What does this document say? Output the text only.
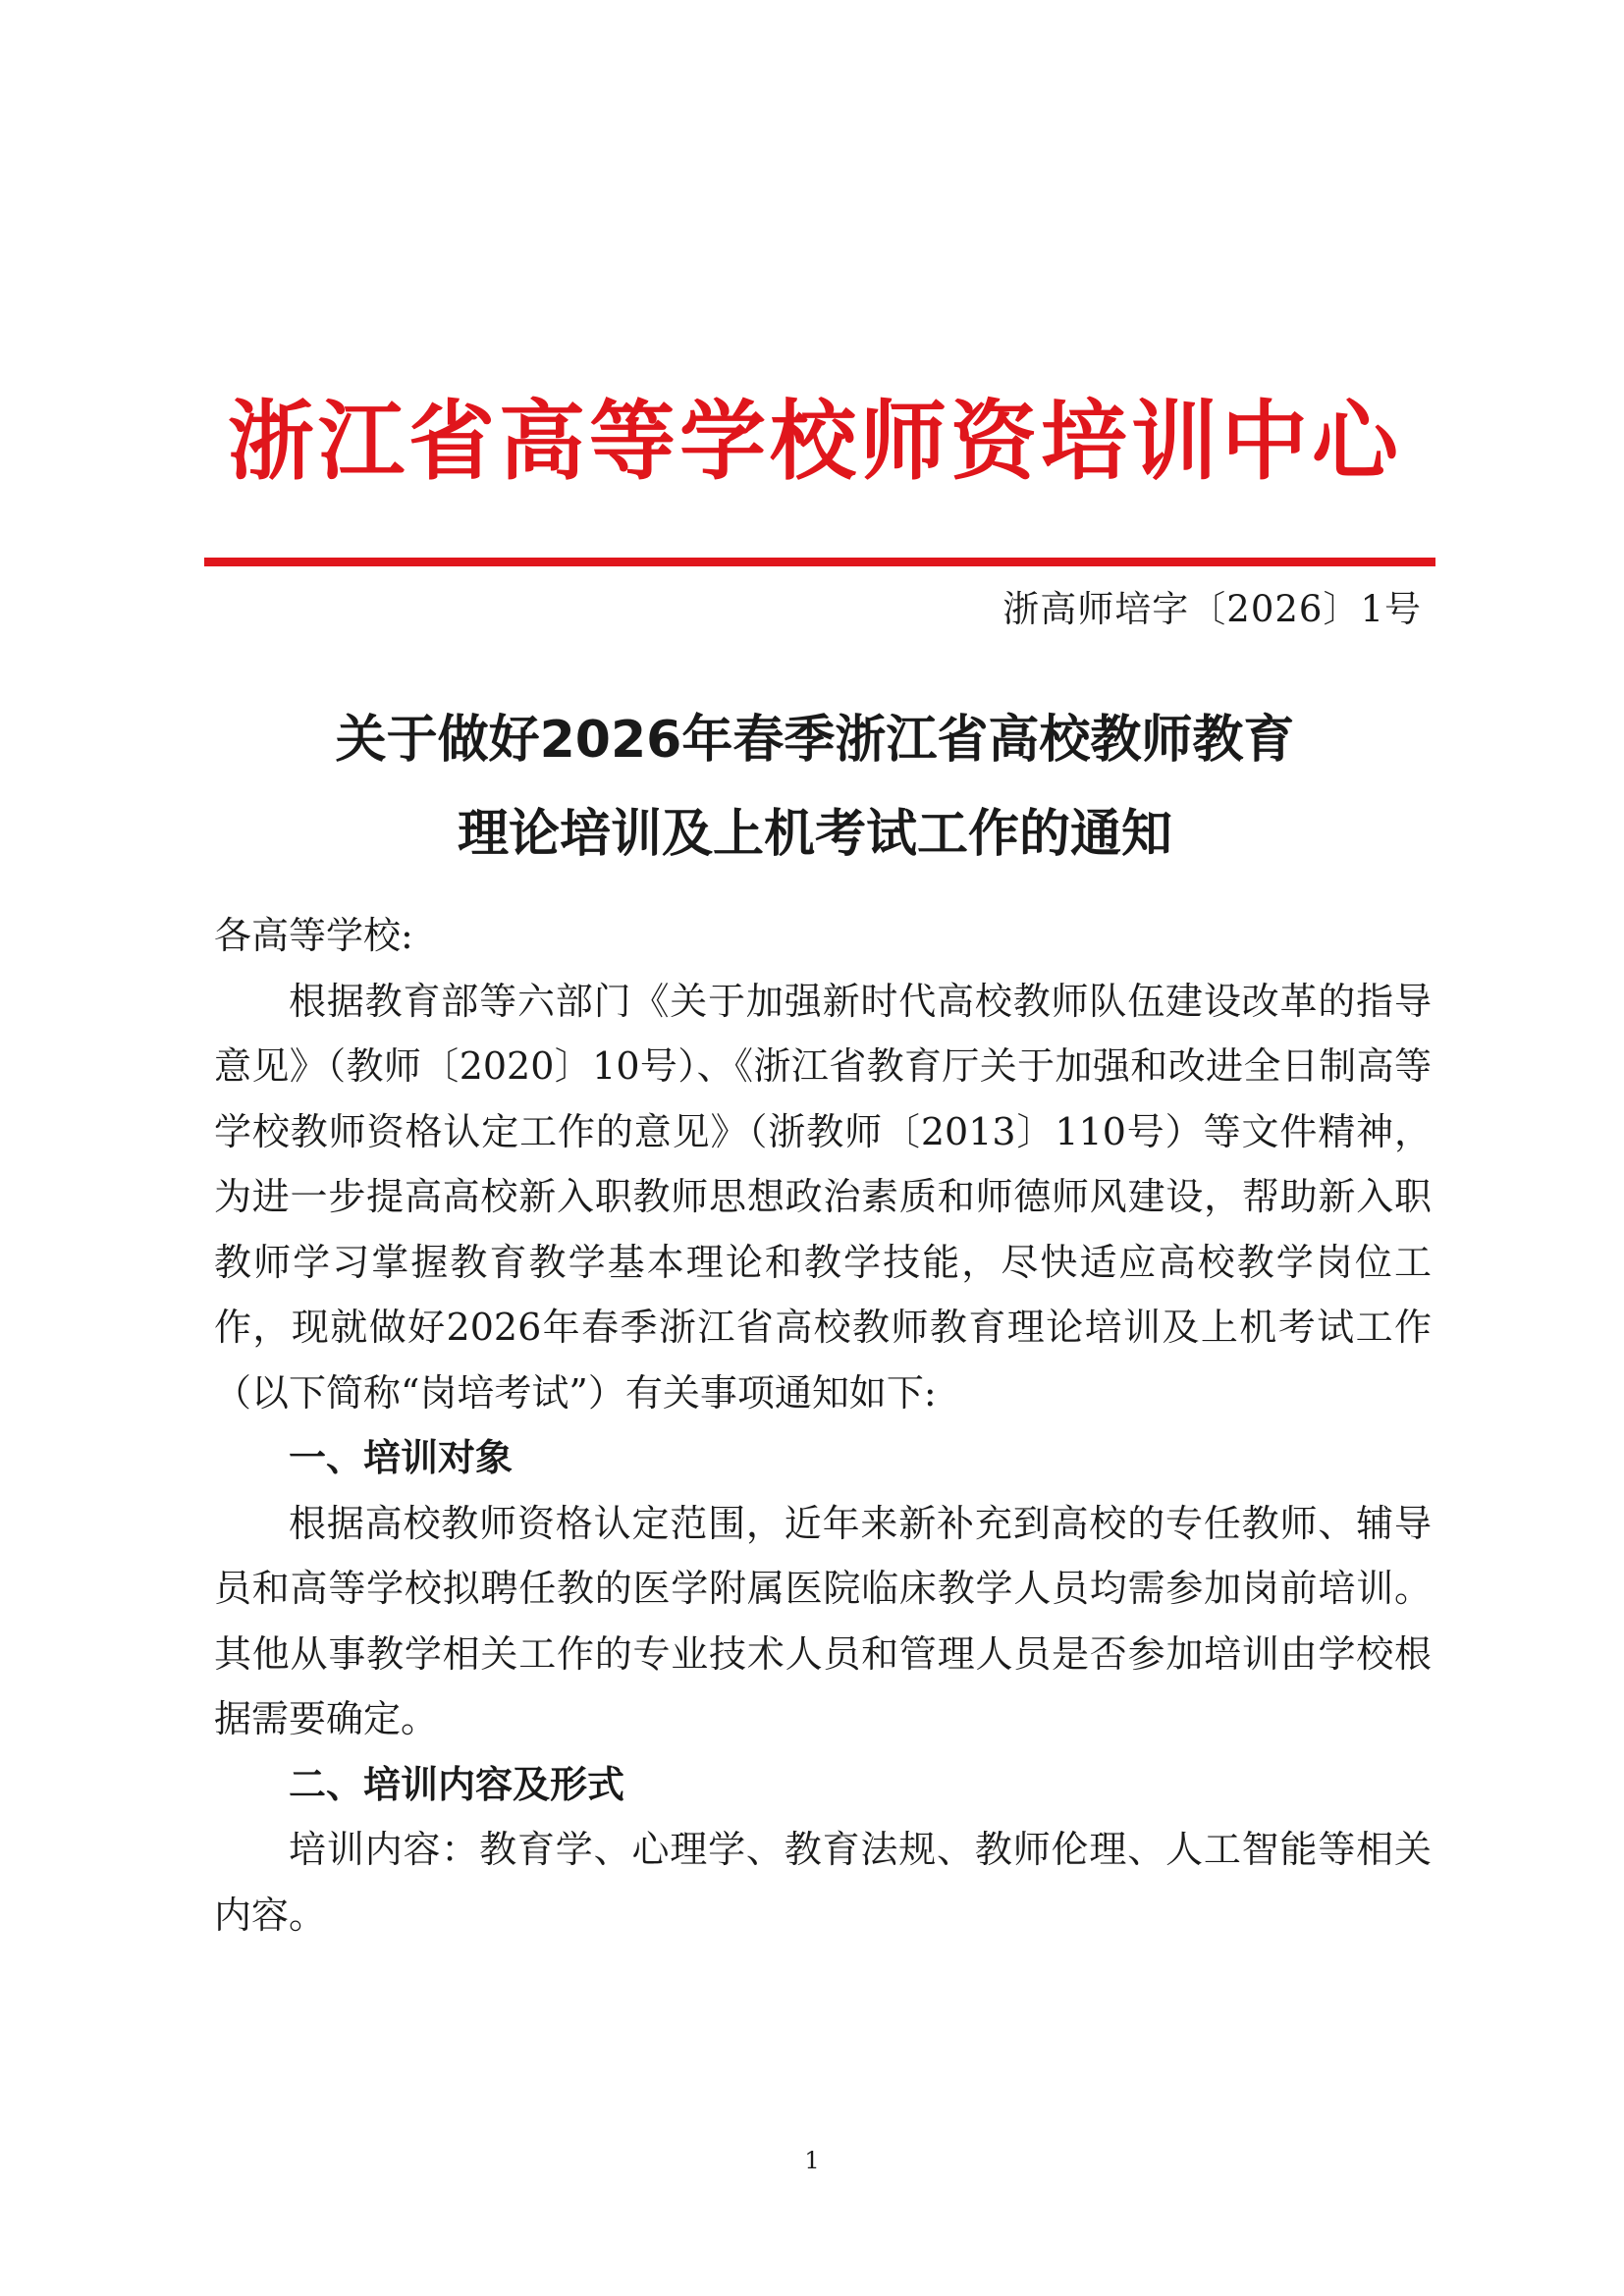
浙江省高等学校师资培训中心
浙高师培字〔2026〕1号
关于做好2026年春季浙江省高校教师教育
理论培训及上机考试工作的通知
各高等学校:

根据教育部等六部门《关于加强新时代高校教师队伍建设改革的指导意见》（教师〔2020〕10号）、《浙江省教育厅关于加强和改进全日制高等学校教师资格认定工作的意见》（浙教师〔2013〕110号）等文件精神，为进一步提高高校新入职教师思想政治素质和师德师风建设，帮助新入职教师学习掌握教育教学基本理论和教学技能，尽快适应高校教学岗位工作，现就做好2026年春季浙江省高校教师教育理论培训及上机考试工作（以下简称“岗培考试”）有关事项通知如下:

一、培训对象

根据高校教师资格认定范围，近年来新补充到高校的专任教师、辅导员和高等学校拟聘任教的医学附属医院临床教学人员均需参加岗前培训。其他从事教学相关工作的专业技术人员和管理人员是否参加培训由学校根据需要确定。

二、培训内容及形式

培训内容：教育学、心理学、教育法规、教师伦理、人工智能等相关内容。

1
